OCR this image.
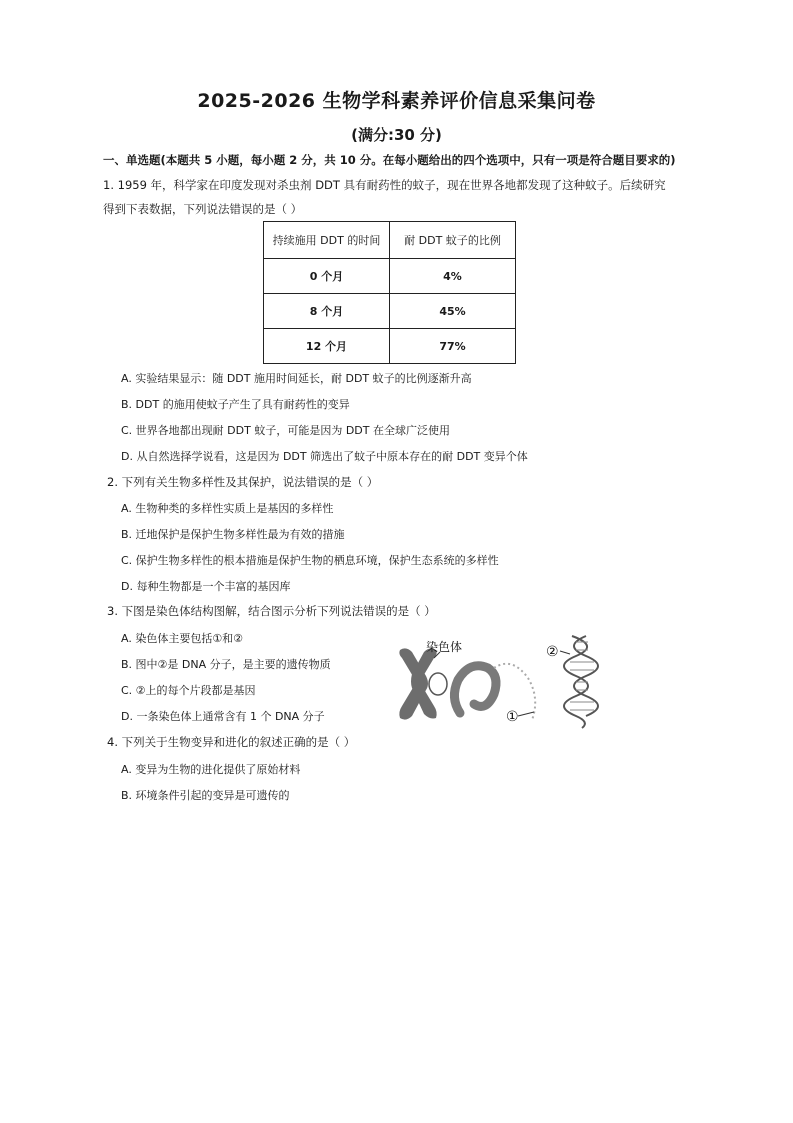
2025-2026 生物学科素养评价信息采集问卷
(满分:30 分)
一、单选题(本题共 5 小题，每小题 2 分，共 10 分。在每小题给出的四个选项中，只有一项是符合题目要求的)
1. 1959 年，科学家在印度发现对杀虫剂 DDT 具有耐药性的蚊子，现在世界各地都发现了这种蚊子。后续研究
得到下表数据，下列说法错误的是（ ）
持续施用 DDT 的时间	耐 DDT 蚊子的比例
0 个月	4%
8 个月	45%
12 个月	77%
A. 实验结果显示：随 DDT 施用时间延长，耐 DDT 蚊子的比例逐渐升高
B. DDT 的施用使蚊子产生了具有耐药性的变异
C. 世界各地都出现耐 DDT 蚊子，可能是因为 DDT 在全球广泛使用
D. 从自然选择学说看，这是因为 DDT 筛选出了蚊子中原本存在的耐 DDT 变异个体
2. 下列有关生物多样性及其保护，说法错误的是（ ）
A. 生物种类的多样性实质上是基因的多样性
B. 迁地保护是保护生物多样性最为有效的措施
C. 保护生物多样性的根本措施是保护生物的栖息环境，保护生态系统的多样性
D. 每种生物都是一个丰富的基因库
3. 下图是染色体结构图解，结合图示分析下列说法错误的是（ ）
A. 染色体主要包括①和②
B. 图中②是 DNA 分子，是主要的遗传物质
C. ②上的每个片段都是基因
D. 一条染色体上通常含有 1 个 DNA 分子
染色体	②
①
4. 下列关于生物变异和进化的叙述正确的是（ ）
A. 变异为生物的进化提供了原始材料
B. 环境条件引起的变异是可遗传的
